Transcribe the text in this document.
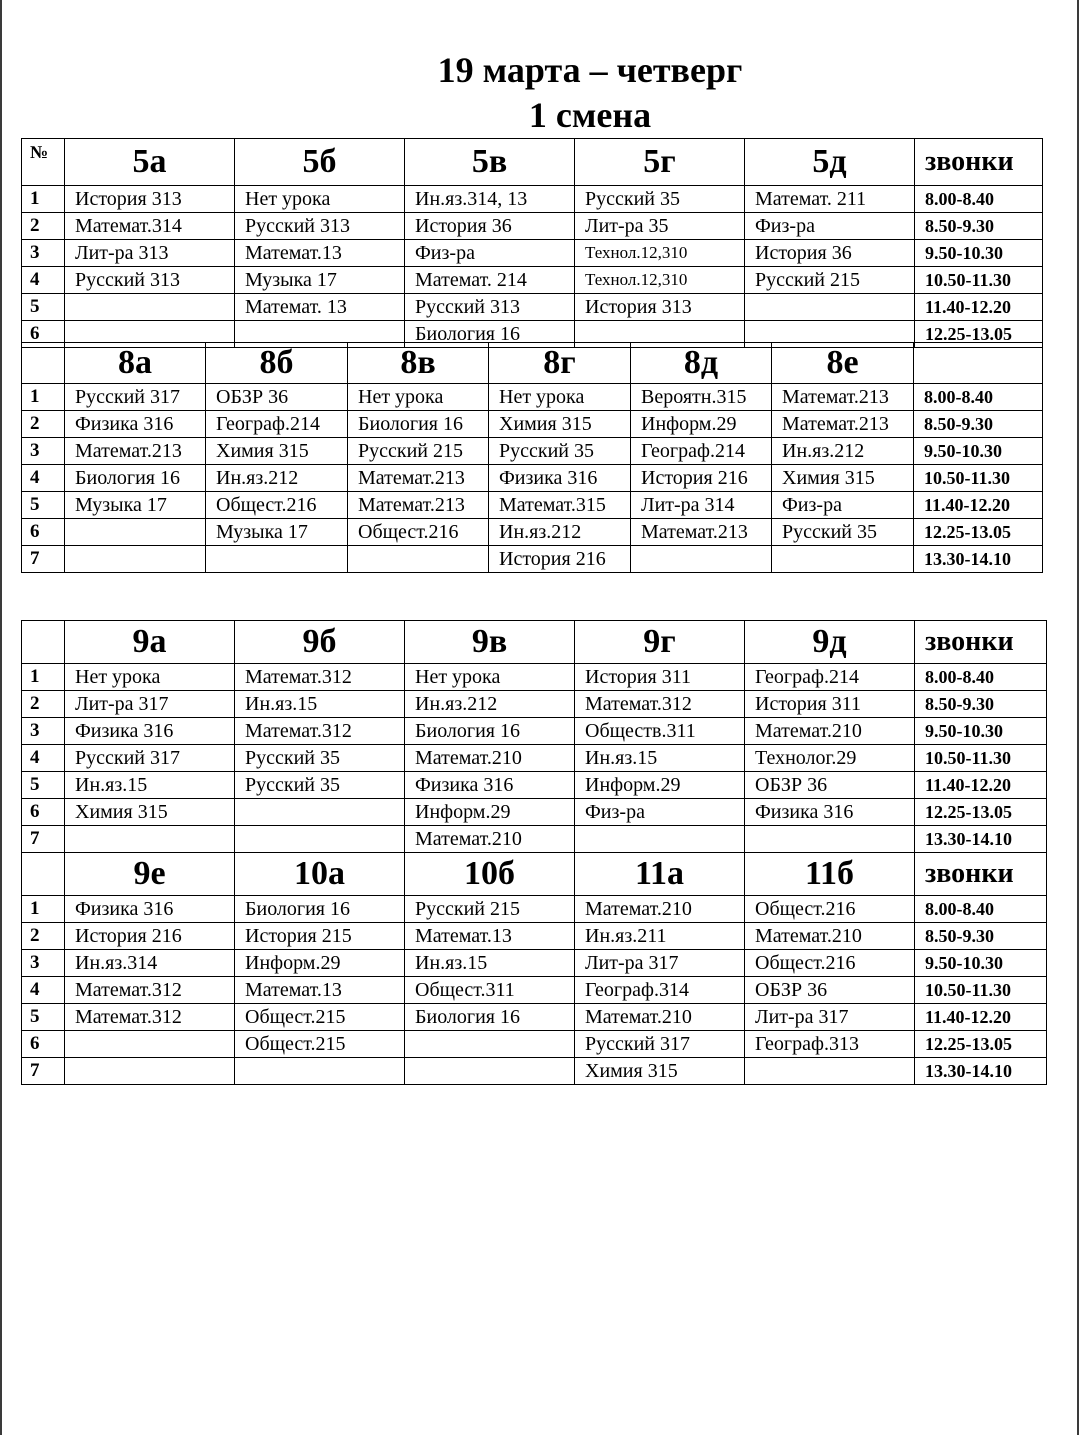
19 марта – четверг
1 смена
№	5а	5б	5в	5г	5д	звонки
1	История 313	Нет урока	Ин.яз.314, 13	Русский 35	Математ. 211	8.00-8.40
2	Математ.314	Русский 313	История 36	Лит-ра 35	Физ-ра	8.50-9.30
3	Лит-ра 313	Математ.13	Физ-ра	Технол.12,310	История 36	9.50-10.30
4	Русский 313	Музыка 17	Математ. 214	Технол.12,310	Русский 215	10.50-11.30
5		Математ. 13	Русский 313	История 313		11.40-12.20
6			Биология 16			12.25-13.05
	8а	8б	8в	8г	8д	8е	
1	Русский 317	ОБЗР 36	Нет урока	Нет урока	Вероятн.315	Математ.213	8.00-8.40
2	Физика 316	Географ.214	Биология 16	Химия 315	Информ.29	Математ.213	8.50-9.30
3	Математ.213	Химия 315	Русский 215	Русский 35	Географ.214	Ин.яз.212	9.50-10.30
4	Биология 16	Ин.яз.212	Математ.213	Физика 316	История 216	Химия 315	10.50-11.30
5	Музыка 17	Общест.216	Математ.213	Математ.315	Лит-ра 314	Физ-ра	11.40-12.20
6		Музыка 17	Общест.216	Ин.яз.212	Математ.213	Русский 35	12.25-13.05
7				История 216			13.30-14.10
	9а	9б	9в	9г	9д	звонки
1	Нет урока	Математ.312	Нет урока	История 311	Географ.214	8.00-8.40
2	Лит-ра 317	Ин.яз.15	Ин.яз.212	Математ.312	История 311	8.50-9.30
3	Физика 316	Математ.312	Биология 16	Обществ.311	Математ.210	9.50-10.30
4	Русский 317	Русский 35	Математ.210	Ин.яз.15	Технолог.29	10.50-11.30
5	Ин.яз.15	Русский 35	Физика 316	Информ.29	ОБЗР 36	11.40-12.20
6	Химия 315		Информ.29	Физ-ра	Физика 316	12.25-13.05
7			Математ.210			13.30-14.10
	9е	10а	10б	11а	11б	звонки
1	Физика 316	Биология 16	Русский 215	Математ.210	Общест.216	8.00-8.40
2	История 216	История 215	Математ.13	Ин.яз.211	Математ.210	8.50-9.30
3	Ин.яз.314	Информ.29	Ин.яз.15	Лит-ра 317	Общест.216	9.50-10.30
4	Математ.312	Математ.13	Общест.311	Географ.314	ОБЗР 36	10.50-11.30
5	Математ.312	Общест.215	Биология 16	Математ.210	Лит-ра 317	11.40-12.20
6		Общест.215		Русский 317	Географ.313	12.25-13.05
7				Химия 315		13.30-14.10
